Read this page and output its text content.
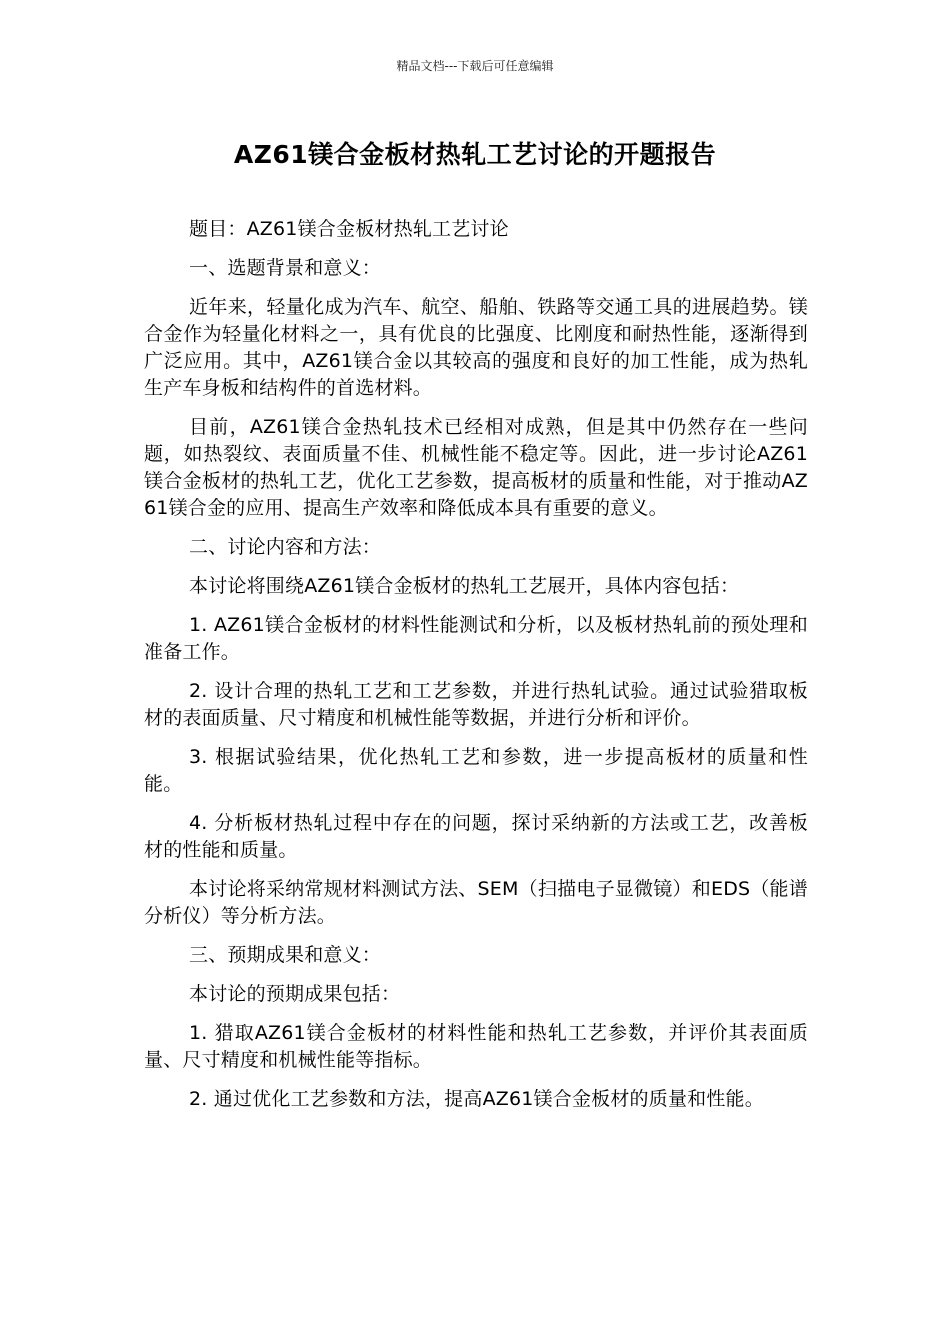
精品文档---下载后可任意编辑
AZ61镁合金板材热轧工艺讨论的开题报告

题目：AZ61镁合金板材热轧工艺讨论

一、选题背景和意义：

近年来，轻量化成为汽车、航空、船舶、铁路等交通工具的进展趋势。镁合金作为轻量化材料之一，具有优良的比强度、比刚度和耐热性能，逐渐得到广泛应用。其中，AZ61镁合金以其较高的强度和良好的加工性能，成为热轧生产车身板和结构件的首选材料。

目前，AZ61镁合金热轧技术已经相对成熟，但是其中仍然存在一些问题，如热裂纹、表面质量不佳、机械性能不稳定等。因此，进一步讨论AZ61镁合金板材的热轧工艺，优化工艺参数，提高板材的质量和性能，对于推动AZ61镁合金的应用、提高生产效率和降低成本具有重要的意义。

二、讨论内容和方法：

本讨论将围绕AZ61镁合金板材的热轧工艺展开，具体内容包括：

1. AZ61镁合金板材的材料性能测试和分析，以及板材热轧前的预处理和准备工作。

2. 设计合理的热轧工艺和工艺参数，并进行热轧试验。通过试验猎取板材的表面质量、尺寸精度和机械性能等数据，并进行分析和评价。

3. 根据试验结果，优化热轧工艺和参数，进一步提高板材的质量和性能。

4. 分析板材热轧过程中存在的问题，探讨采纳新的方法或工艺，改善板材的性能和质量。

本讨论将采纳常规材料测试方法、SEM（扫描电子显微镜）和EDS（能谱分析仪）等分析方法。

三、预期成果和意义：

本讨论的预期成果包括：

1. 猎取AZ61镁合金板材的材料性能和热轧工艺参数，并评价其表面质量、尺寸精度和机械性能等指标。

2. 通过优化工艺参数和方法，提高AZ61镁合金板材的质量和性能。
